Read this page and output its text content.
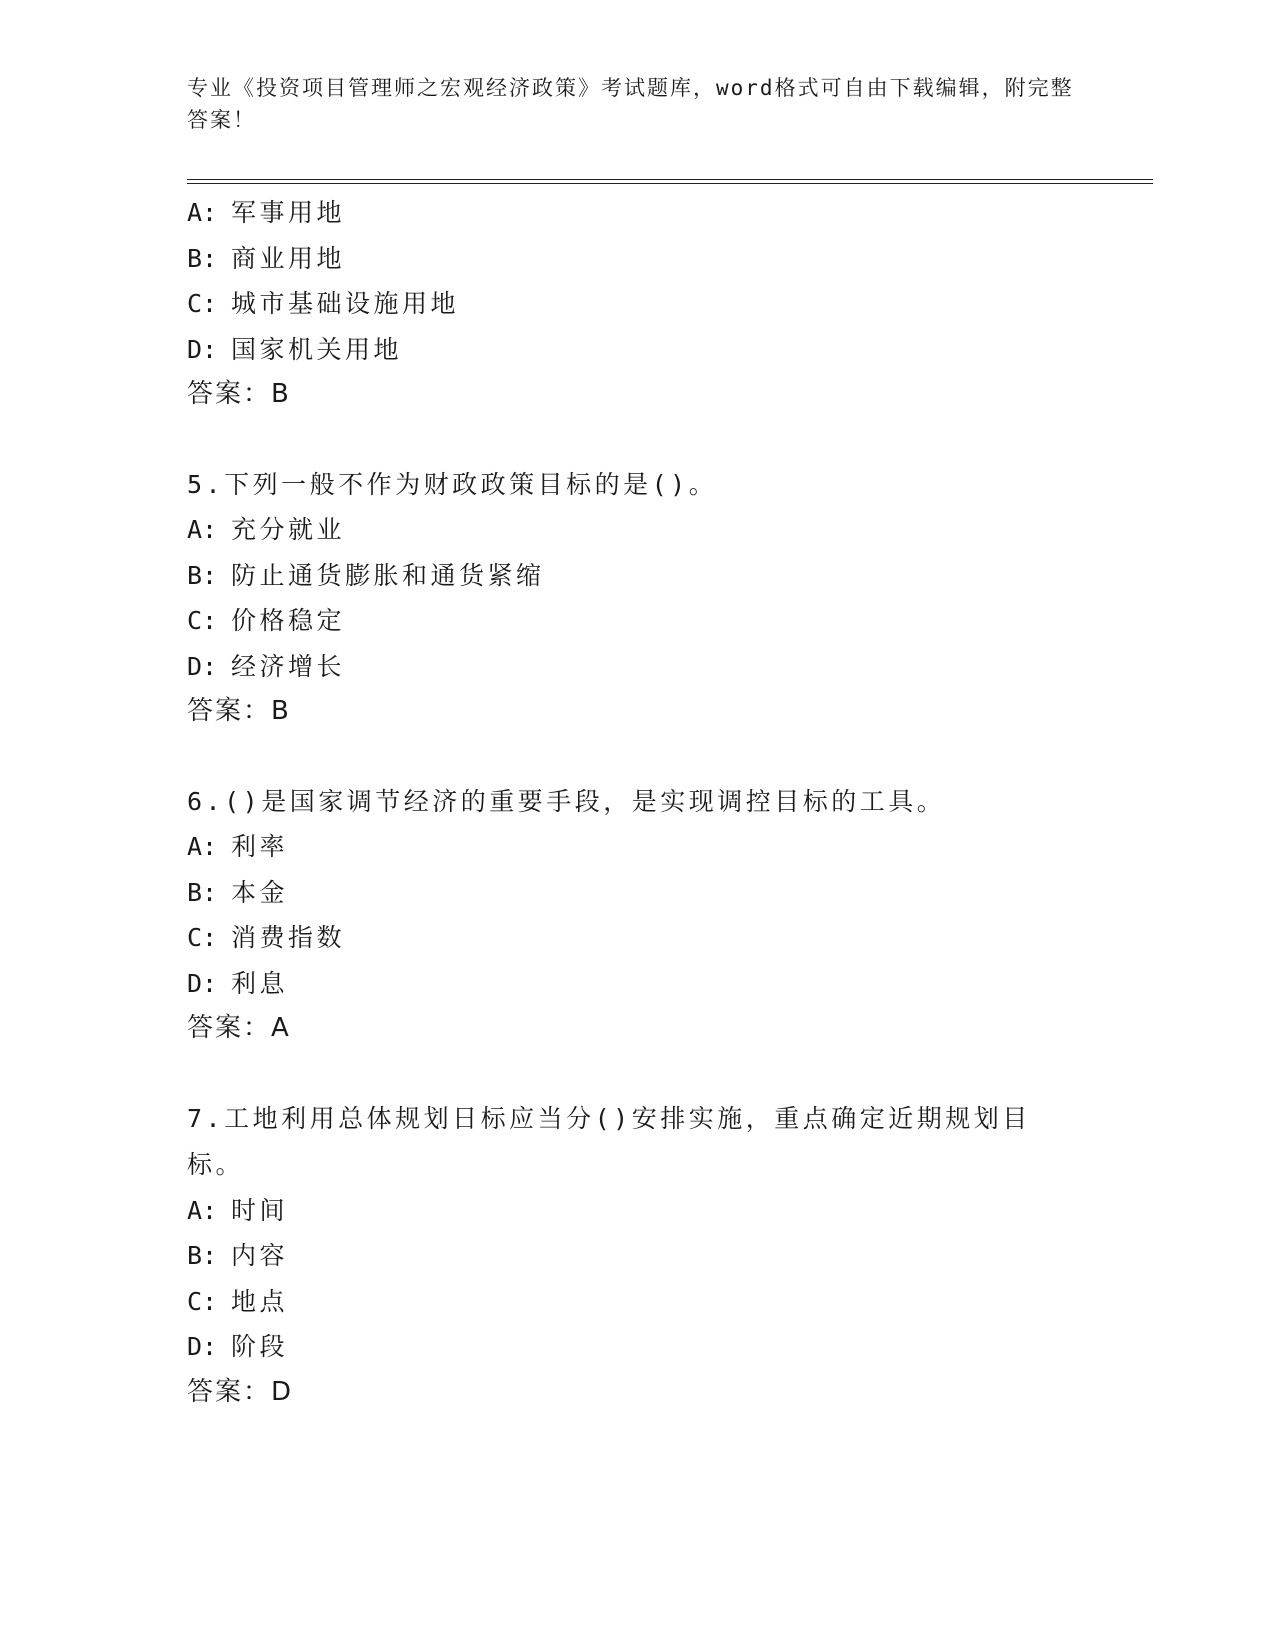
专业《投资项目管理师之宏观经济政策》考试题库，word格式可自由下载编辑，附完整答案！
A: 军事用地
B: 商业用地
C: 城市基础设施用地
D: 国家机关用地
答案：B
5.下列一般不作为财政政策目标的是()。
A: 充分就业
B: 防止通货膨胀和通货紧缩
C: 价格稳定
D: 经济增长
答案：B
6.()是国家调节经济的重要手段，是实现调控目标的工具。
A: 利率
B: 本金
C: 消费指数
D: 利息
答案：A
7.工地利用总体规划日标应当分()安排实施，重点确定近期规划目标。
A: 时间
B: 内容
C: 地点
D: 阶段
答案：D
